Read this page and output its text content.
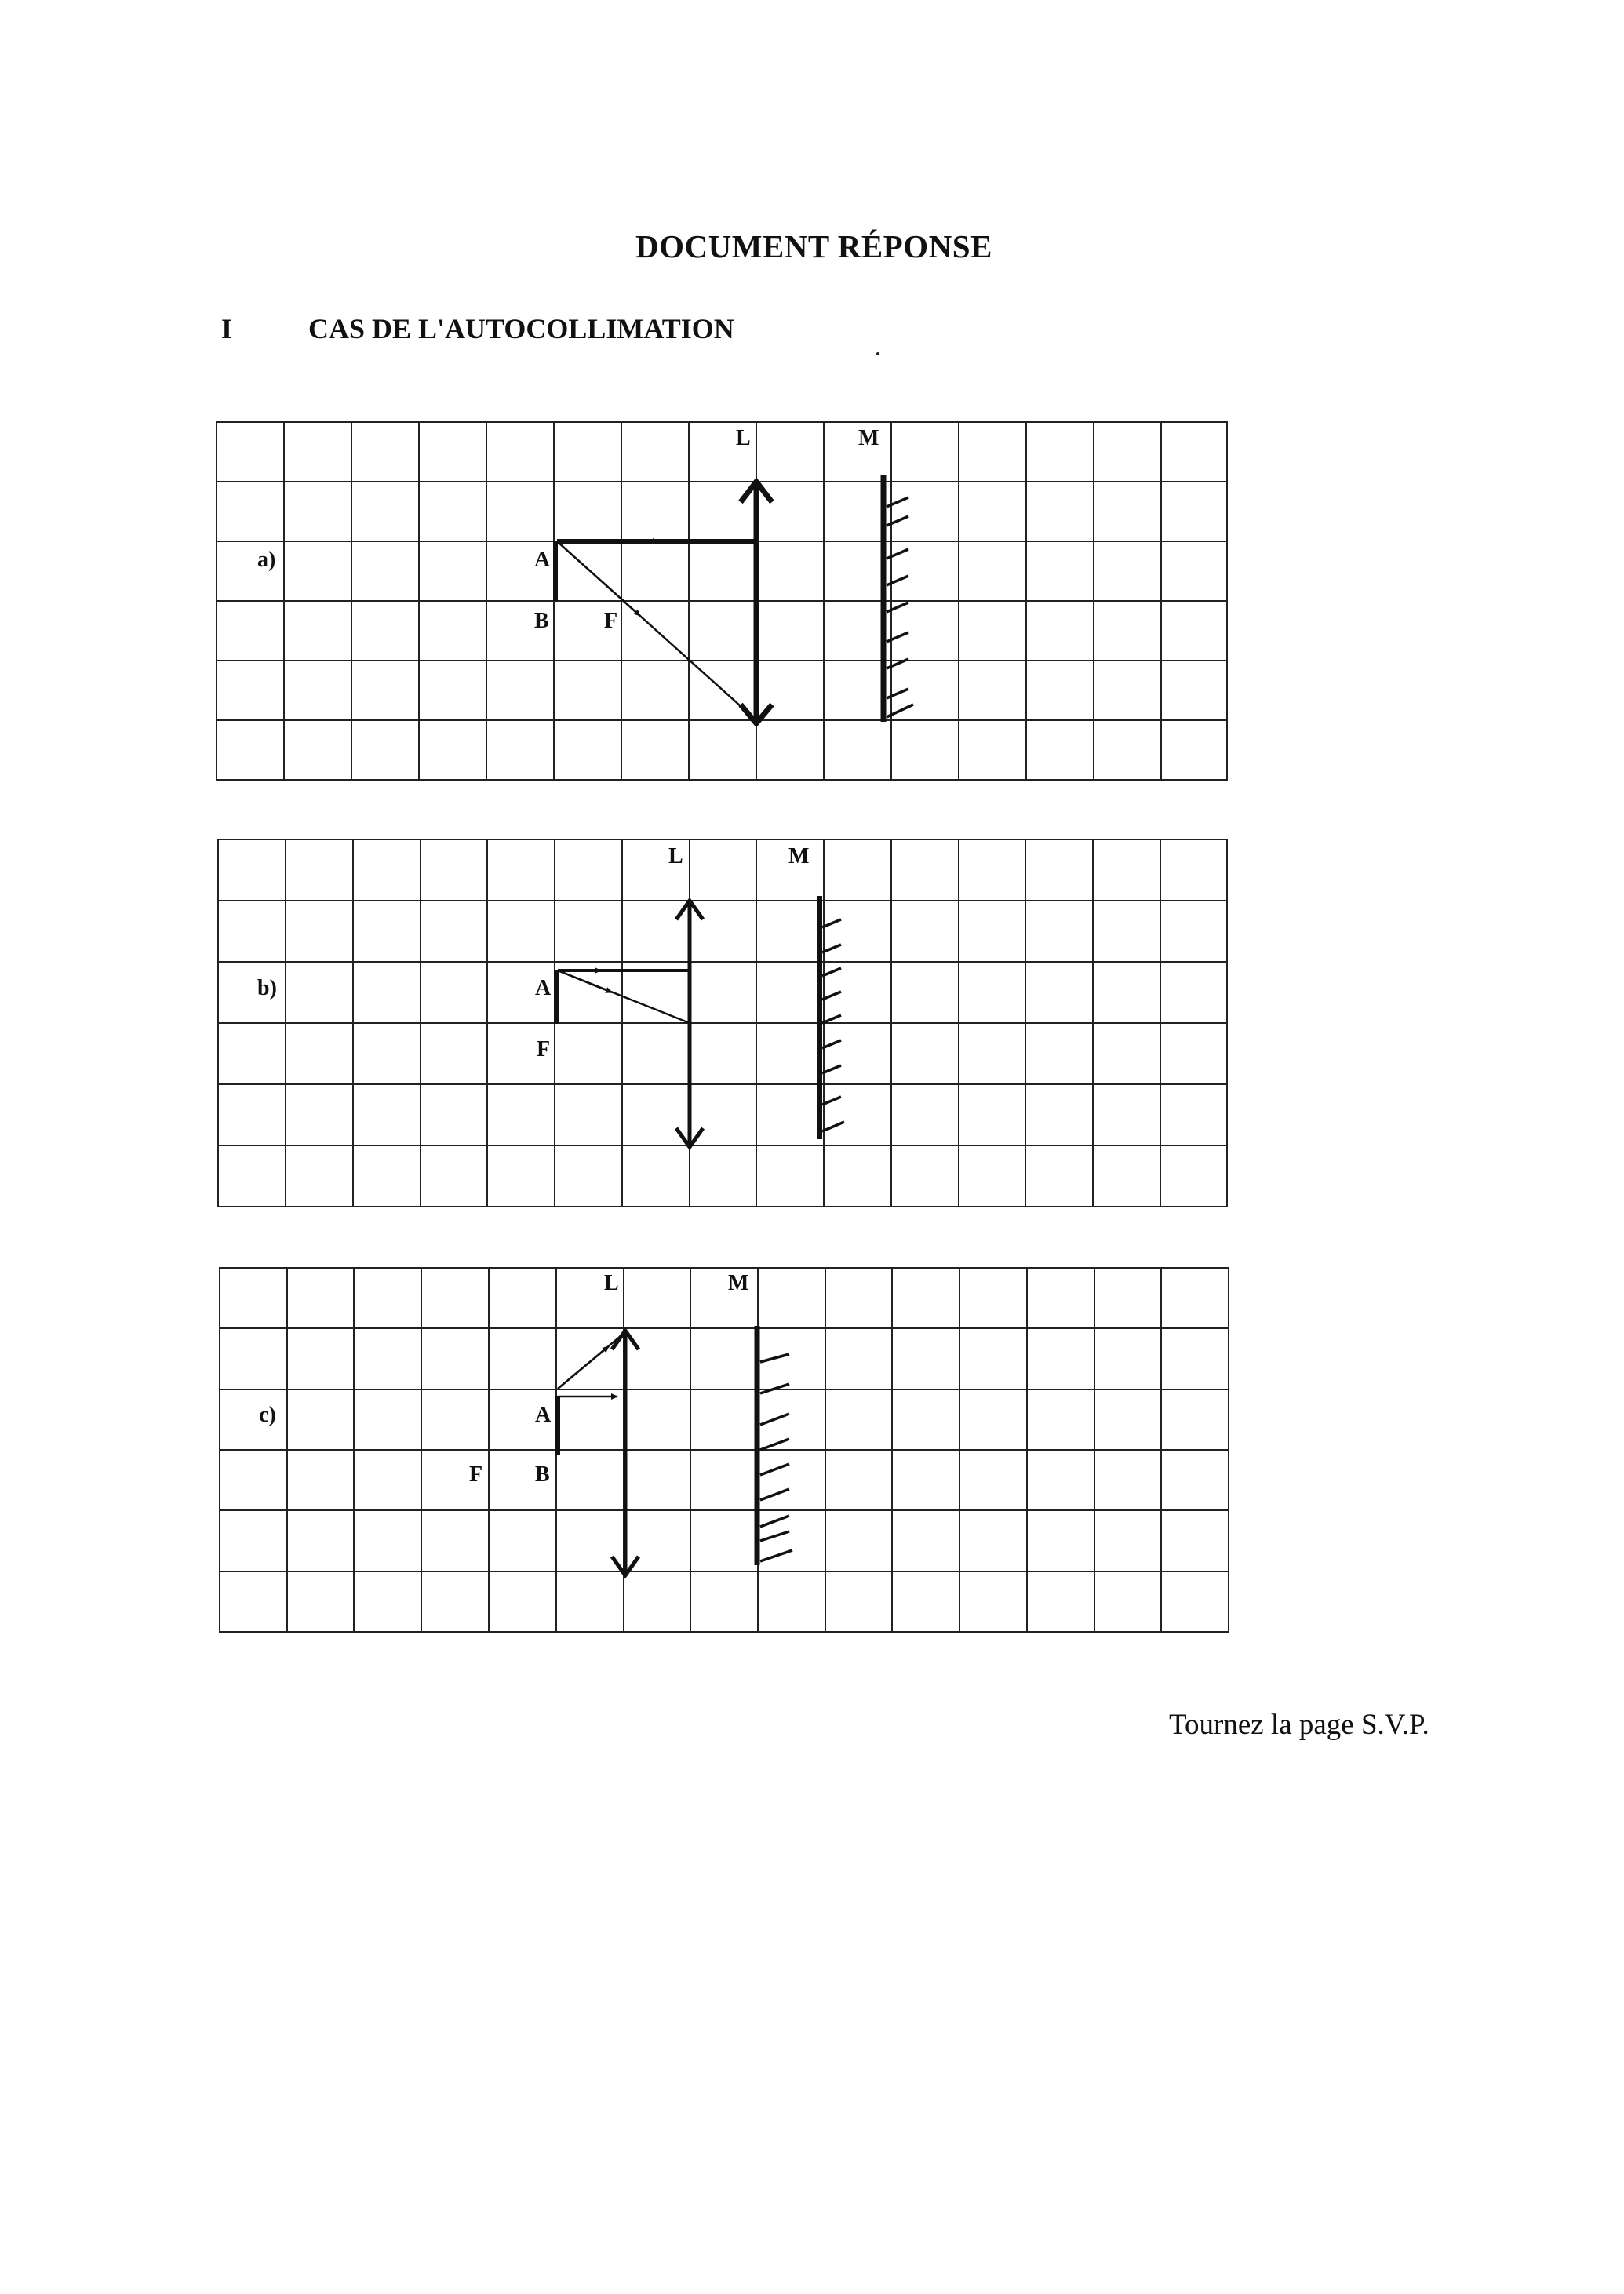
DOCUMENT RÉPONSE
I	CAS DE L'AUTOCOLLIMATION
L	M
a)	A
B	F
L	M
b)	A
F
L	M
c)	A
F B
Tournez la page S.V.P.
